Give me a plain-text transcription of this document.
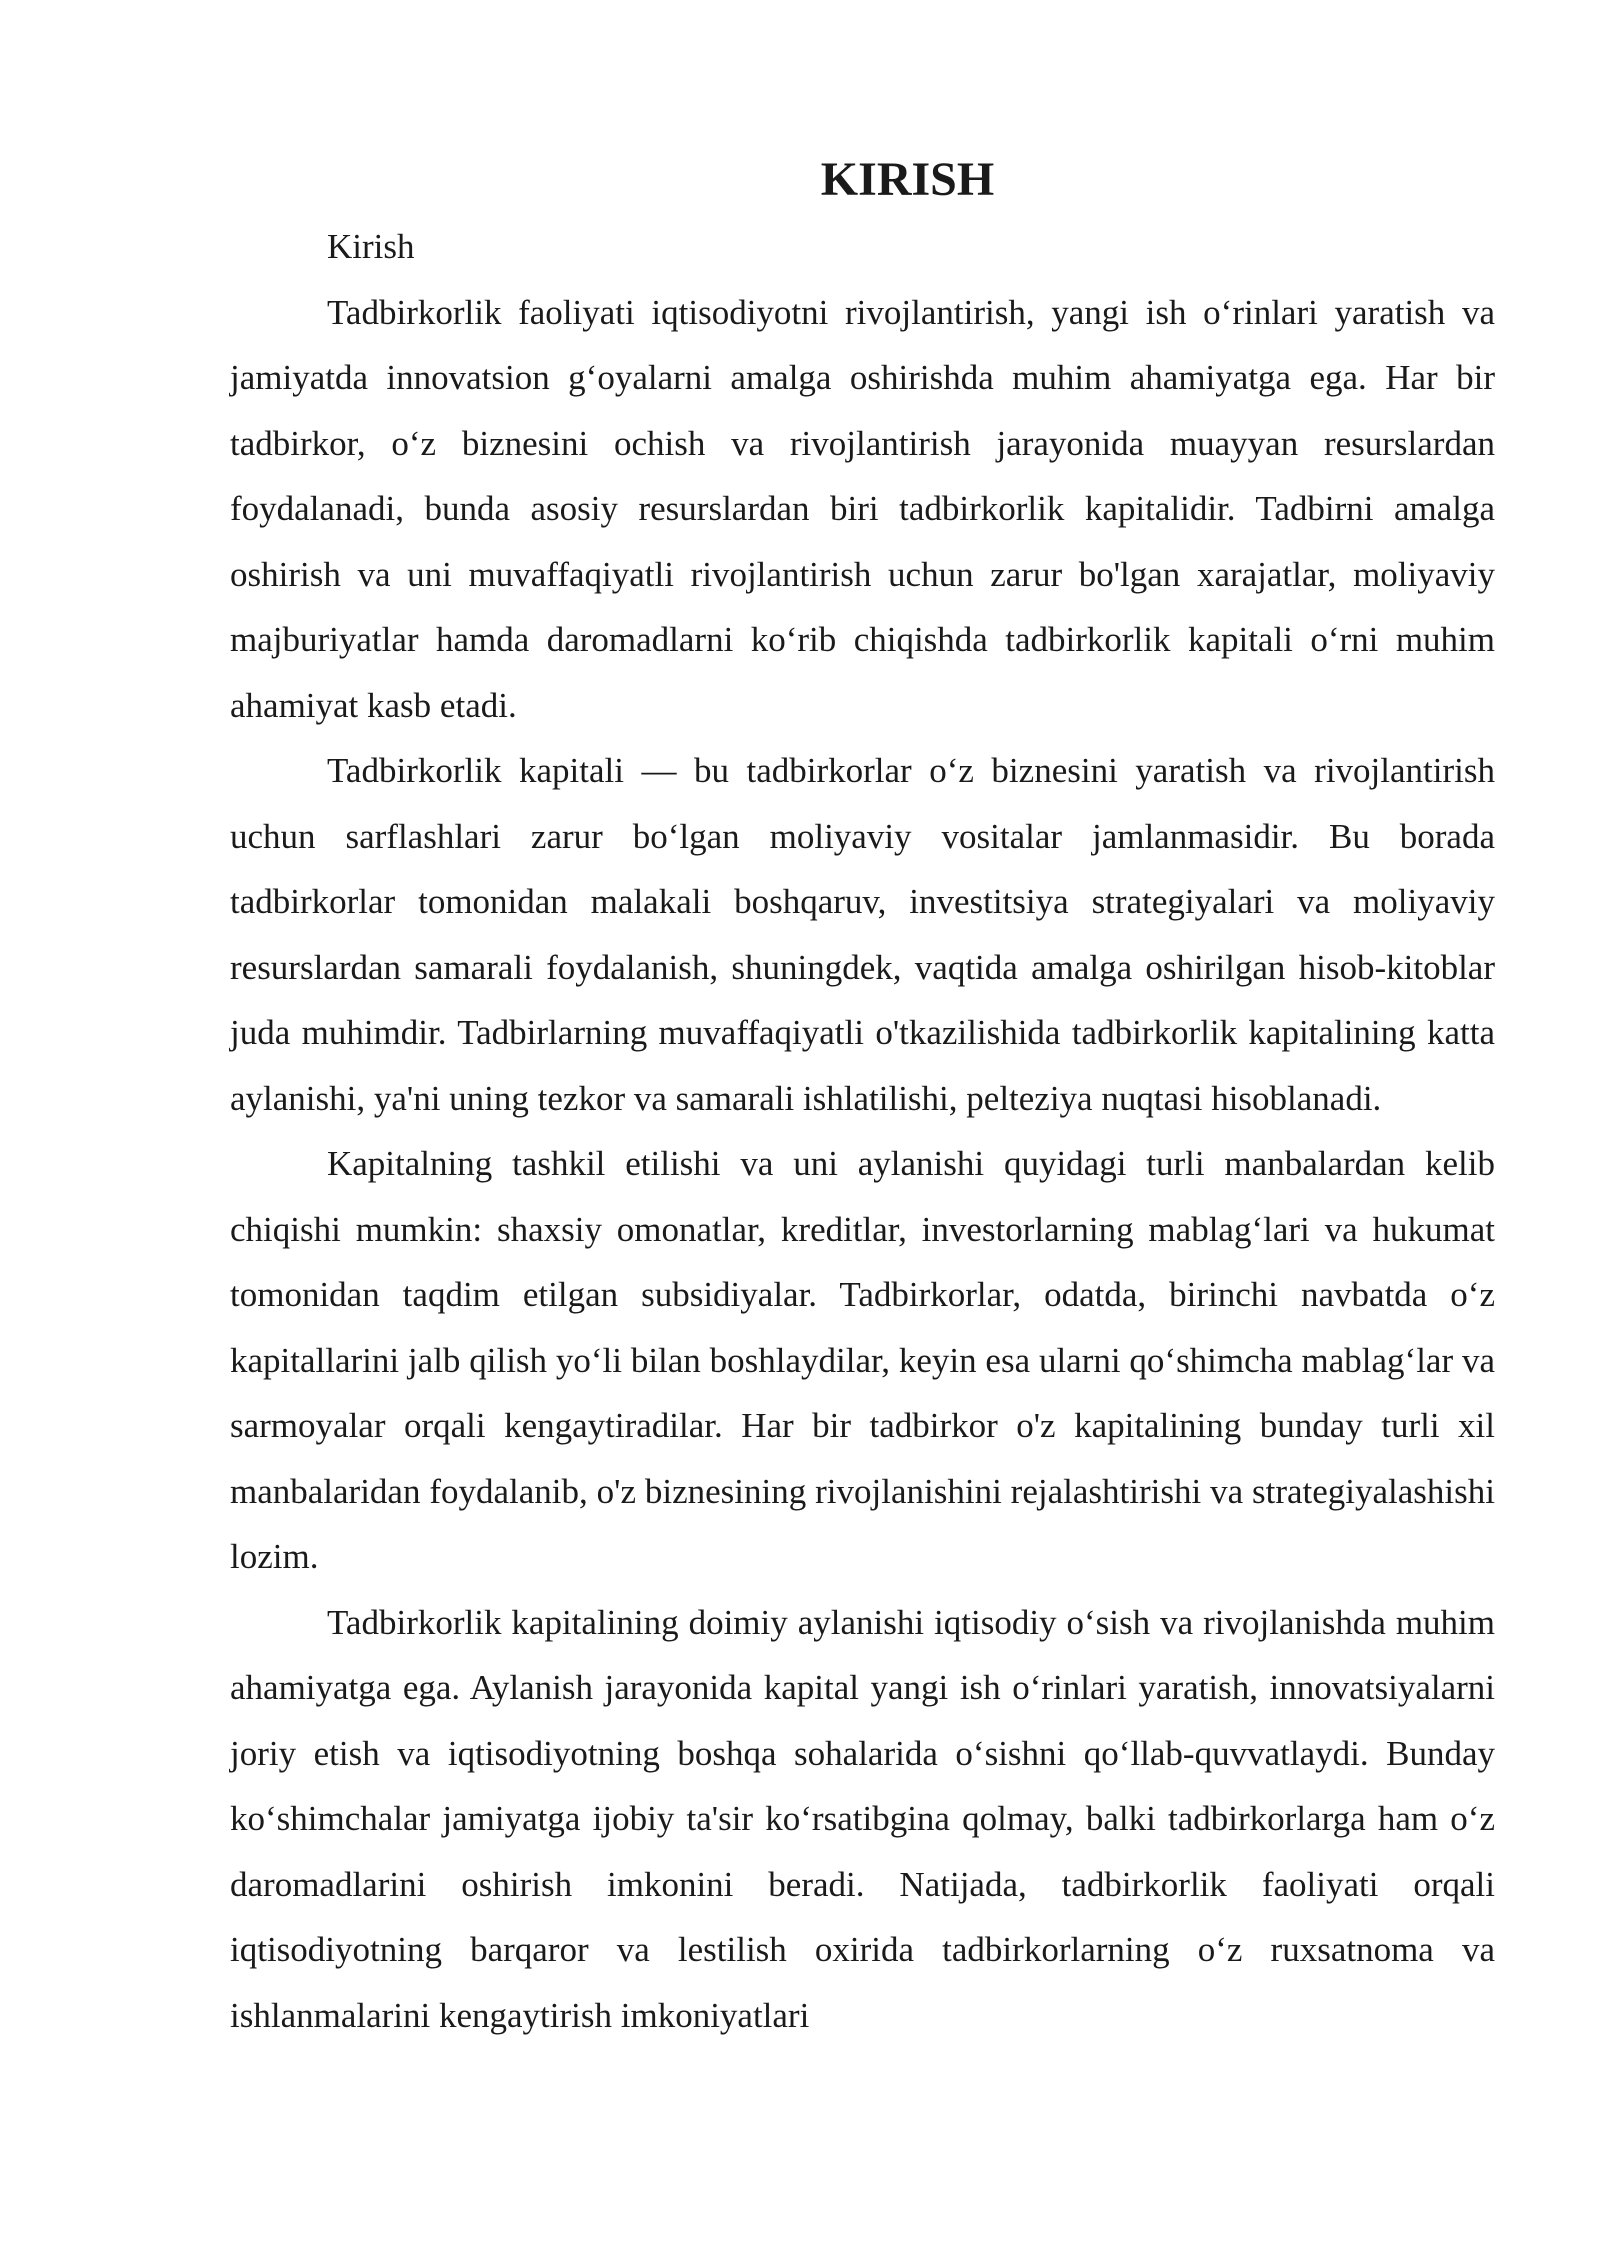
KIRISH

Kirish

Tadbirkorlik faoliyati iqtisodiyotni rivojlantirish, yangi ish o‘rinlari yaratish va jamiyatda innovatsion g‘oyalarni amalga oshirishda muhim ahamiyatga ega. Har bir tadbirkor, o‘z biznesini ochish va rivojlantirish jarayonida muayyan resurslardan foydalanadi, bunda asosiy resurslardan biri tadbirkorlik kapitalidir. Tadbirni amalga oshirish va uni muvaffaqiyatli rivojlantirish uchun zarur bo'lgan xarajatlar, moliyaviy majburiyatlar hamda daromadlarni ko‘rib chiqishda tadbirkorlik kapitali o‘rni muhim ahamiyat kasb etadi.

Tadbirkorlik kapitali — bu tadbirkorlar o‘z biznesini yaratish va rivojlantirish uchun sarflashlari zarur bo‘lgan moliyaviy vositalar jamlanmasidir. Bu borada tadbirkorlar tomonidan malakali boshqaruv, investitsiya strategiyalari va moliyaviy resurslardan samarali foydalanish, shuningdek, vaqtida amalga oshirilgan hisob-kitoblar juda muhimdir. Tadbirlarning muvaffaqiyatli o'tkazilishida tadbirkorlik kapitalining katta aylanishi, ya'ni uning tezkor va samarali ishlatilishi, pelteziya nuqtasi hisoblanadi.

Kapitalning tashkil etilishi va uni aylanishi quyidagi turli manbalardan kelib chiqishi mumkin: shaxsiy omonatlar, kreditlar, investorlarning mablag‘lari va hukumat tomonidan taqdim etilgan subsidiyalar. Tadbirkorlar, odatda, birinchi navbatda o‘z kapitallarini jalb qilish yo‘li bilan boshlaydilar, keyin esa ularni qo‘shimcha mablag‘lar va sarmoyalar orqali kengaytiradilar. Har bir tadbirkor o'z kapitalining bunday turli xil manbalaridan foydalanib, o'z biznesining rivojlanishini rejalashtirishi va strategiyalashishi lozim.

Tadbirkorlik kapitalining doimiy aylanishi iqtisodiy o‘sish va rivojlanishda muhim ahamiyatga ega. Aylanish jarayonida kapital yangi ish o‘rinlari yaratish, innovatsiyalarni joriy etish va iqtisodiyotning boshqa sohalarida o‘sishni qo‘llab-quvvatlaydi. Bunday ko‘shimchalar jamiyatga ijobiy ta'sir ko‘rsatibgina qolmay, balki tadbirkorlarga ham o‘z daromadlarini oshirish imkonini beradi. Natijada, tadbirkorlik faoliyati orqali iqtisodiyotning barqaror va lestilish oxirida tadbirkorlarning o‘z ruxsatnoma va ishlanmalarini kengaytirish imkoniyatlari
